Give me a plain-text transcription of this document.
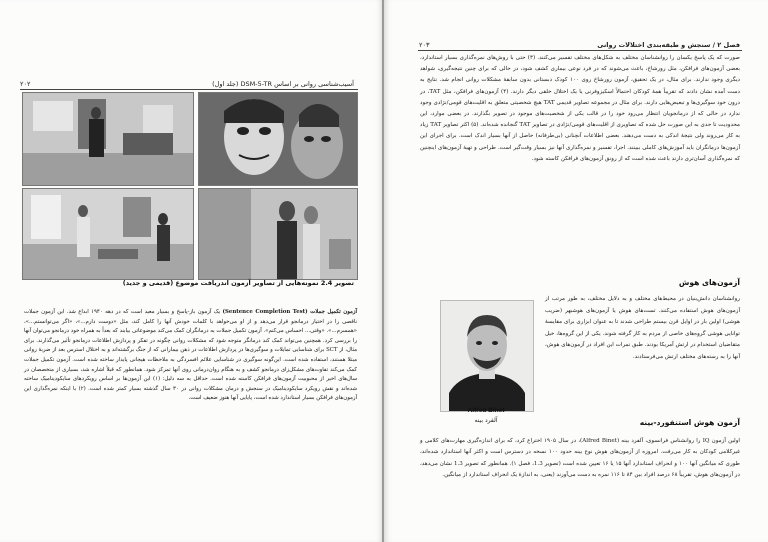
۲۰۲	آسیب‌شناسی روانی بر اساس DSM-5-TR (جلد اول)
تصویر 2.4 نمونه‌هایی از تصاویر آزمون اندریافت موضوع (قدیمی و جدید)
آزمون تکمیل جملات (Sentence Completion Test) یک آزمون باز-پاسخ و بسیار معید است که در دهه ۱۹۴۰ ابداع شد. این آزمون جملات ناقصی را در اختیار درمانجو قرار می‌دهد و از او می‌خواهد با کلمات خودش آنها را کامل کند، مثل «دوست دارم...»، «اگر می‌‌‌‌‌‌توانستم...»، «همسرم...». «وقتی... احساس می‌کنم». آزمون تکمیل جملات به درمانگران کمک می‌کند موضوعاتی بیابند که بعداً به همراه خود درمانجو می‌توان آنها را بررسی کرد. همچنین می‌تواند کمک کند درمانگر متوجه شود که مشکلات روانی چگونه در تفکر و پردازش اطلاعات درمانجو تأثیر می‌گذارند. برای مثال، از SCT برای شناسایی تمایلات و سوگیری‌ها در پردازش اطلاعات در ذهن بیمارانی که از جنگ برگشته‌اند و به اختلال استرس بعد از ضربهٔ روانی مبتلا هستند، استفاده شده است. این‌گونه سوگیری در شناسایی علائم افسردگی به ملاحظات هیجانی پایدار ساخته شده است. آزمون تکمیل جملات کمک می‌کند تفاوت‌های مشکل‌زای درمانجو کشف و به هنگام روان‌درمانی روی آنها تمرکز شود. همانطور که قبلاً اشاره شد، بسیاری از متخصصان در سال‌های اخیر از محبوبیت آزمون‌های فرافکن کاسته شده است. حداقل به سه دلیل: (۱) این آزمون‌ها بر اساس رویکردهای سایکودینامیک ساخته شده‌اند و نقش رویکرد سایکودینامیک در سنجش و درمان مشکلات روانی در ۳۰ سال گذشته بسیار کمتر شده است. (۲) با اینکه نمره‌گذاری این آزمون‌های فرافکن بسیار استاندارد شده است، پایایی آنها هنوز ضعیف است.
۲۰۳	فصل ۲ / سنجش و طبقه‌بندی اختلالات روانی
صورت که یک پاسخ یکسان را روانشناسان مختلف به شکل‌های مختلف تفسیر می‌کنند. (۳) حتی با روش‌های نمره‌گذاری بسیار استاندارد، بعضی آزمون‌های فرافکن، مثل رورشاخ، باعث می‌شوند که در فرد نوعی بیماری کشف شود، در حالی که برای چنین نتیجه‌گیری، شواهد دیگری وجود ندارند. برای مثال، در یک تحقیق، آزمون رورشاخ روی ۱۰۰ کودک دبستانی بدون سابقهٔ مشکلات روانی انجام شد. نتایج به دست آمده نشان دادند که تقریباً همهٔ کودکان احتمالاً اسکیزوفرنی یا یک اختلال خلقی دیگر دارند. (۴) آزمون‌های فرافکن، مثل TAT، در درون خود سوگیری‌ها و تبعیض‌هایی دارند. برای مثال در مجموعه تصاویر قدیمی TAT هیچ شخصیتی متعلق به اقلیت‌های قومی/نژادی وجود ندارد در حالی که از درمانجویان انتظار می‌رود خود را در قالب یکی از شخصیت‌های موجود در تصویر بگذارند. در بعضی موارد، این محدودیت تا حدی به این صورت حل شده که تصاویری از اقلیت‌های قومی/نژادی در تصاویر TAT گنجانده شده‌اند. (۵) اکثر تصاویر TAT زیاد به کار می‌روند ولی نتیجهٔ اندکی به دست می‌دهند. بعضی اطلاعات آنچنانی (بی‌طرفانه) حاصل از آنها بسیار اندک است. برای اجرای این آزمون‌ها درمانگران باید آموزش‌های کاملی ببینند. اجرا، تفسیر و نمره‌گذاری آنها نیز بسیار وقت‌گیر است. طراحی و تهیهٔ آزمون‌های اینچنین که نمره‌گذاری آسان‌تری دارند باعث شده است که از رونق آزمون‌های فرافکن کاسته شود.
آزمون‌های هوش
روانشناسان دانش‌بنیان در محیط‌های مختلف و به دلایل مختلف، به طور مرتب از آزمون‌های هوش استفاده می‌کنند. تست‌های هوش یا آزمون‌های هوشبهر (ضریب هوشی) اولین بار در اوایل قرن بیستم طراحی شدند تا به عنوان ابزاری برای مقایسهٔ توانایی هوشی گروه‌های خاصی از مردم به کار گرفته شوند. یکی از این گروه‌ها، خیل متقاضیان استخدام در ارتش آمریکا بودند. طبق نمرات این افراد در آزمون‌های هوش، آنها را به رسته‌های مختلف ارتش می‌فرستادند.
Alfred Binet
آلفرد بینه	آزمون هوش استنفورد-بینه
اولین آزمون IQ را روانشناس فرانسوی، آلفرد بینه (Alfred Binet)، در سال ۱۹۰۵ اختراع کرد، که برای اندازه‌گیری مهارت‌های کلامی و غیرکلامی کودکان به کار می‌رفت. امروزه از آزمون‌های هوش نوع بینه حدود ۱۰۰ نسخه در دسترس است و اکثر آنها استاندارد شده‌اند، طوری که میانگین آنها ۱۰۰ و انحراف استاندارد آنها ۱۵ یا ۱۶ تعیین شده است (تصویر 1.3، فصل ۱). همانطور که تصویر 1.3 نشان می‌دهد، در آزمون‌های هوش، تقریباً ۶۸ درصد افراد بین ۸۴ تا ۱۱۶ نمره به دست می‌آورند (یعنی، به اندازهٔ یک انحراف استاندارد از میانگین.
